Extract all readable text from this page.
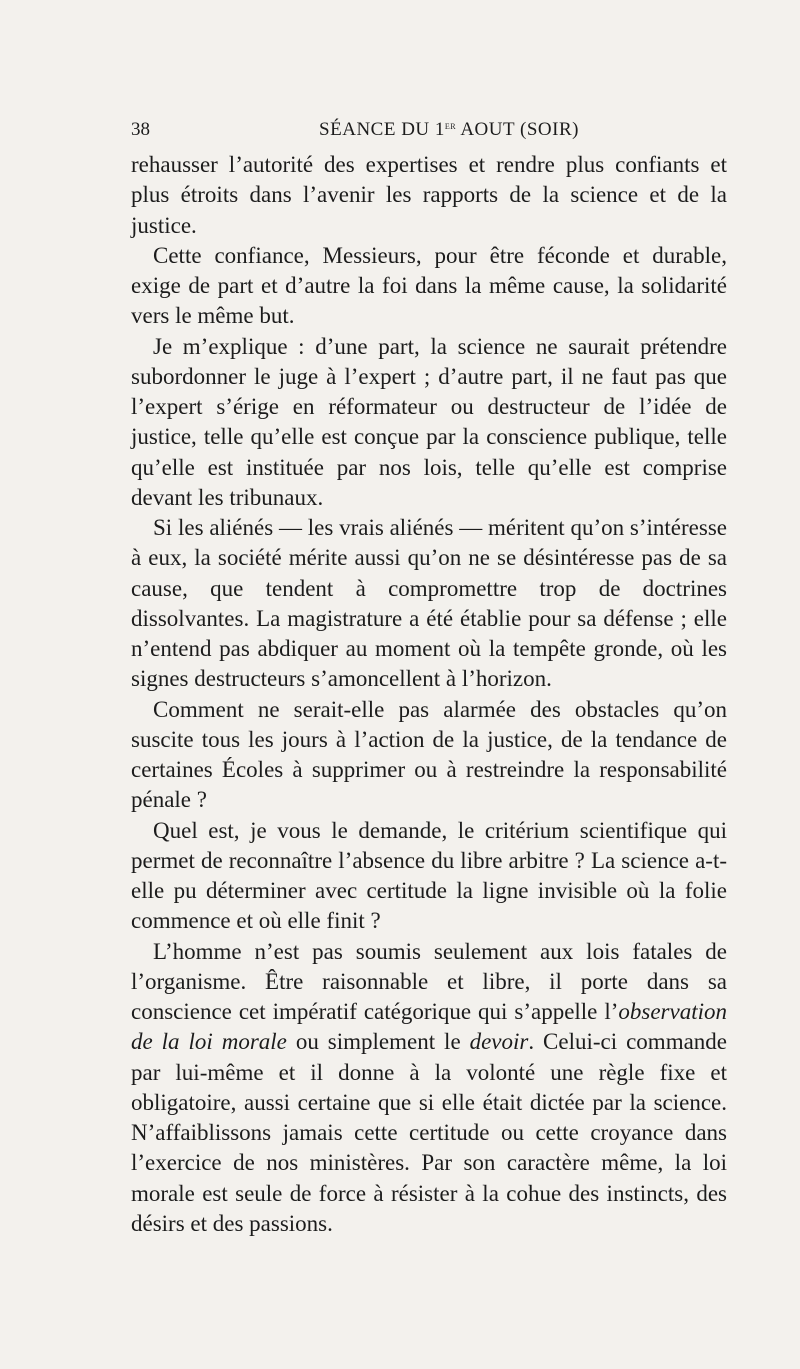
38	SÉANCE DU 1er AOUT (SOIR)

rehausser l’autorité des expertises et rendre plus confiants et plus étroits dans l’avenir les rapports de la science et de la justice.

Cette confiance, Messieurs, pour être féconde et durable, exige de part et d’autre la foi dans la même cause, la solidarité vers le même but.

Je m’explique : d’une part, la science ne saurait prétendre subordonner le juge à l’expert ; d’autre part, il ne faut pas que l’expert s’érige en réformateur ou destructeur de l’idée de justice, telle qu’elle est conçue par la conscience publique, telle qu’elle est instituée par nos lois, telle qu’elle est comprise devant les tribunaux.

Si les aliénés — les vrais aliénés — méritent qu’on s’intéresse à eux, la société mérite aussi qu’on ne se désintéresse pas de sa cause, que tendent à compromettre trop de doctrines dissolvantes. La magistrature a été établie pour sa défense ; elle n’entend pas abdiquer au moment où la tempête gronde, où les signes destructeurs s’amoncellent à l’horizon.

Comment ne serait-elle pas alarmée des obstacles qu’on suscite tous les jours à l’action de la justice, de la tendance de certaines Écoles à supprimer ou à restreindre la responsabilité pénale ?

Quel est, je vous le demande, le critérium scientifique qui permet de reconnaître l’absence du libre arbitre ? La science a-t-elle pu déterminer avec certitude la ligne invisible où la folie commence et où elle finit ?

L’homme n’est pas soumis seulement aux lois fatales de l’organisme. Être raisonnable et libre, il porte dans sa conscience cet impératif catégorique qui s’appelle l’observation de la loi morale ou simplement le devoir. Celui-ci commande par lui-même et il donne à la volonté une règle fixe et obligatoire, aussi certaine que si elle était dictée par la science. N’affaiblissons jamais cette certitude ou cette croyance dans l’exercice de nos ministères. Par son caractère même, la loi morale est seule de force à résister à la cohue des instincts, des désirs et des passions.
